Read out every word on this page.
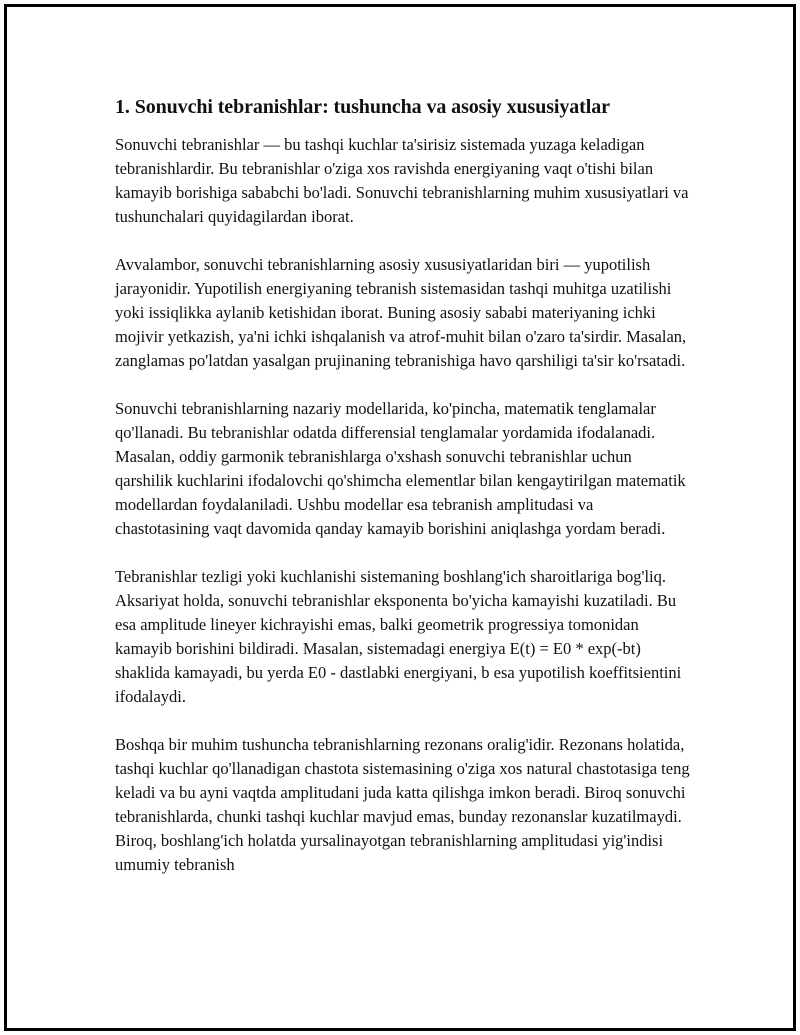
1. Sonuvchi tebranishlar: tushuncha va asosiy xususiyatlar

Sonuvchi tebranishlar — bu tashqi kuchlar ta'sirisiz sistemada yuzaga keladigan tebranishlardir. Bu tebranishlar o'ziga xos ravishda energiyaning vaqt o'tishi bilan kamayib borishiga sababchi bo'ladi. Sonuvchi tebranishlarning muhim xususiyatlari va tushunchalari quyidagilardan iborat.

Avvalambor, sonuvchi tebranishlarning asosiy xususiyatlaridan biri — yupotilish jarayonidir. Yupotilish energiyaning tebranish sistemasidan tashqi muhitga uzatilishi yoki issiqlikka aylanib ketishidan iborat. Buning asosiy sababi materiyaning ichki mojivir yetkazish, ya'ni ichki ishqalanish va atrof-muhit bilan o'zaro ta'sirdir. Masalan, zanglamas po'latdan yasalgan prujinaning tebranishiga havo qarshiligi ta'sir ko'rsatadi.

Sonuvchi tebranishlarning nazariy modellarida, ko'pincha, matematik tenglamalar qo'llanadi. Bu tebranishlar odatda differensial tenglamalar yordamida ifodalanadi. Masalan, oddiy garmonik tebranishlarga o'xshash sonuvchi tebranishlar uchun qarshilik kuchlarini ifodalovchi qo'shimcha elementlar bilan kengaytirilgan matematik modellardan foydalaniladi. Ushbu modellar esa tebranish amplitudasi va chastotasining vaqt davomida qanday kamayib borishini aniqlashga yordam beradi.

Tebranishlar tezligi yoki kuchlanishi sistemaning boshlang'ich sharoitlariga bog'liq. Aksariyat holda, sonuvchi tebranishlar eksponenta bo'yicha kamayishi kuzatiladi. Bu esa amplitude lineyer kichrayishi emas, balki geometrik progressiya tomonidan kamayib borishini bildiradi. Masalan, sistemadagi energiya E(t) = E0 * exp(-bt) shaklida kamayadi, bu yerda E0 - dastlabki energiyani, b esa yupotilish koeffitsientini ifodalaydi.

Boshqa bir muhim tushuncha tebranishlarning rezonans oralig'idir. Rezonans holatida, tashqi kuchlar qo'llanadigan chastota sistemasining o'ziga xos natural chastotasiga teng keladi va bu ayni vaqtda amplitudani juda katta qilishga imkon beradi. Biroq sonuvchi tebranishlarda, chunki tashqi kuchlar mavjud emas, bunday rezonanslar kuzatilmaydi. Biroq, boshlang'ich holatda yursalinayotgan tebranishlarning amplitudasi yig'indisi umumiy tebranish
